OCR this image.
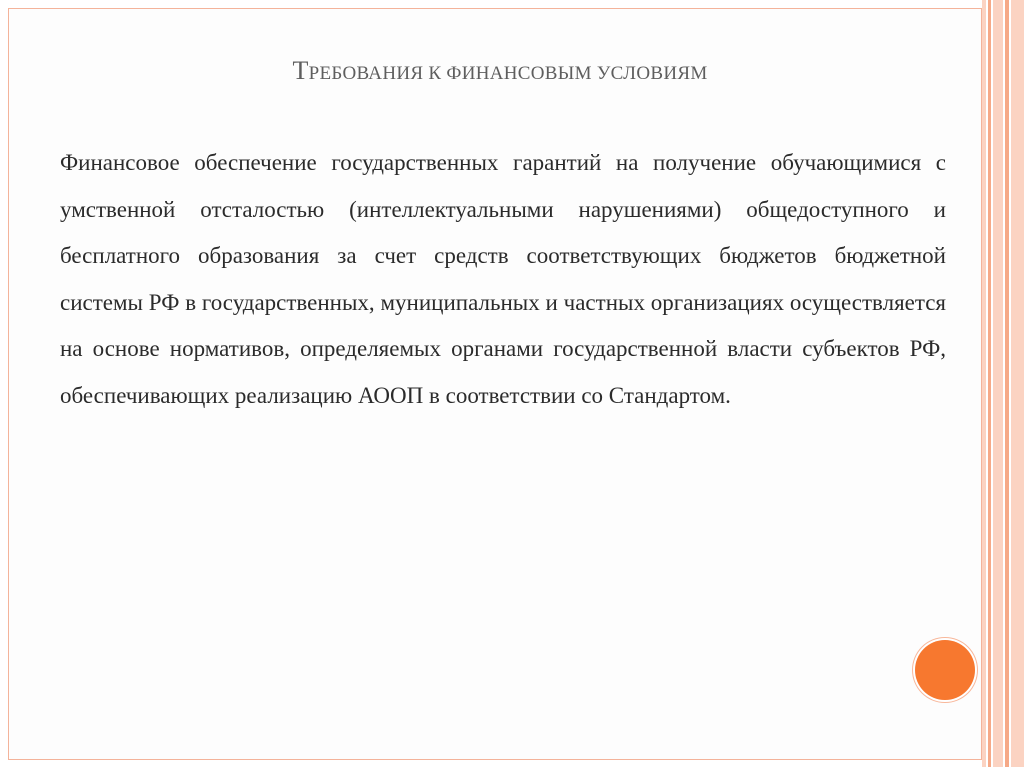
ТРЕБОВАНИЯ К ФИНАНСОВЫМ УСЛОВИЯМ

Финансовое обеспечение государственных гарантий на получение обучающимися с умственной отсталостью (интеллектуальными нарушениями) общедоступного и бесплатного образования за счет средств соответствующих бюджетов бюджетной системы РФ в государственных, муниципальных и частных организациях осуществляется на основе нормативов, определяемых органами государственной власти субъектов РФ, обеспечивающих реализацию АООП в соответствии со Стандартом.
